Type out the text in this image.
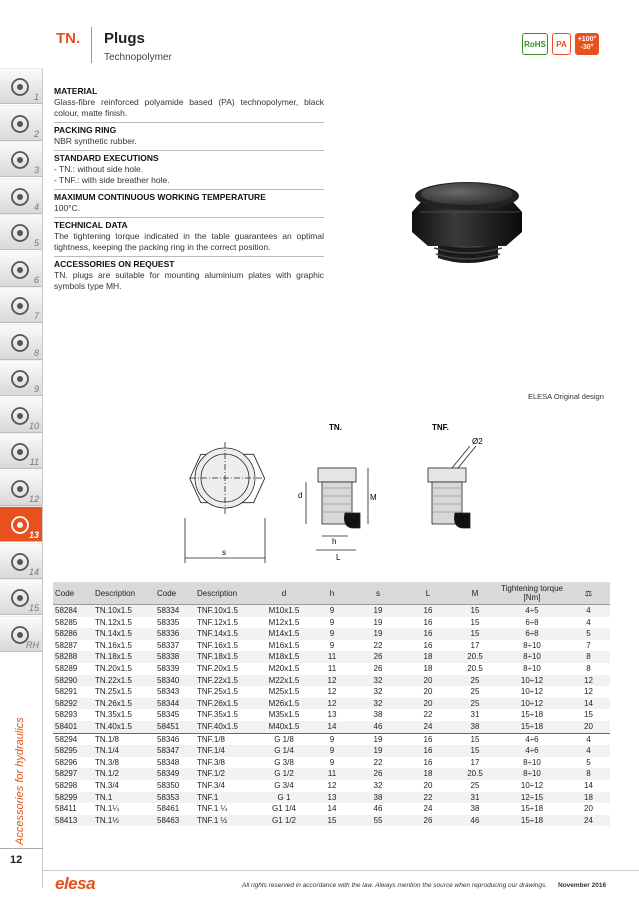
TN. Plugs
Technopolymer
RoHS	PA	+100°
-30°
1
2
3
4
5
6
7
8
9
10
11
12
13
14
15
RH
Accessories for hydraulics
12
MATERIAL

Glass-fibre reinforced polyamide based (PA) technopolymer, black colour, matte finish.

PACKING RING

NBR synthetic rubber.

STANDARD EXECUTIONS

- TN.: without side hole.

- TNF.: with side breather hole.

MAXIMUM CONTINUOUS WORKING TEMPERATURE

100°C.

TECHNICAL DATA

The tightening torque indicated in the table guarantees an optimal tightness, keeping the packing ring in the correct position.

ACCESSORIES ON REQUEST

TN. plugs are suitable for mounting aluminium plates with graphic symbols type MH.

ELESA Original design
s
TN.
d	M
h
L
TNF.
Ø2
Code	Description	Code	Description	d	h	s	L	M	Tightening torque [Nm]	⚖
58284	TN.10x1.5	58334	TNF.10x1.5	M10x1.5	9	19	16	15	4÷5	4
58285	TN.12x1.5	58335	TNF.12x1.5	M12x1.5	9	19	16	15	6÷8	4
58286	TN.14x1.5	58336	TNF.14x1.5	M14x1.5	9	19	16	15	6÷8	5
58287	TN.16x1.5	58337	TNF.16x1.5	M16x1.5	9	22	16	17	8÷10	7
58288	TN.18x1.5	58338	TNF.18x1.5	M18x1.5	11	26	18	20.5	8÷10	8
58289	TN.20x1.5	58339	TNF.20x1.5	M20x1.5	11	26	18	20.5	8÷10	8
58290	TN.22x1.5	58340	TNF.22x1.5	M22x1.5	12	32	20	25	10÷12	12
58291	TN.25x1.5	58343	TNF.25x1.5	M25x1.5	12	32	20	25	10÷12	12
58292	TN.26x1.5	58344	TNF.26x1.5	M26x1.5	12	32	20	25	10÷12	14
58293	TN.35x1.5	58345	TNF.35x1.5	M35x1.5	13	38	22	31	15÷18	15
58401	TN.40x1.5	58451	TNF.40x1.5	M40x1.5	14	46	24	38	15÷18	20
58294	TN.1/8	58346	TNF.1/8	G 1/8	9	19	16	15	4÷6	4
58295	TN.1/4	58347	TNF.1/4	G 1/4	9	19	16	15	4÷6	4
58296	TN.3/8	58348	TNF.3/8	G 3/8	9	22	16	17	8÷10	5
58297	TN.1/2	58349	TNF.1/2	G 1/2	11	26	18	20.5	8÷10	8
58298	TN.3/4	58350	TNF.3/4	G 3/4	12	32	20	25	10÷12	14
58299	TN.1	58353	TNF.1	G 1	13	38	22	31	12÷15	18
58411	TN.1¼	58461	TNF.1 ¼	G1 1/4	14	46	24	38	15÷18	20
58413	TN.1½	58463	TNF.1 ½	G1 1/2	15	55	26	46	15÷18	24
elesa	All rights reserved in accordance with the law. Always mention the source when reproducing our drawings. November 2016
